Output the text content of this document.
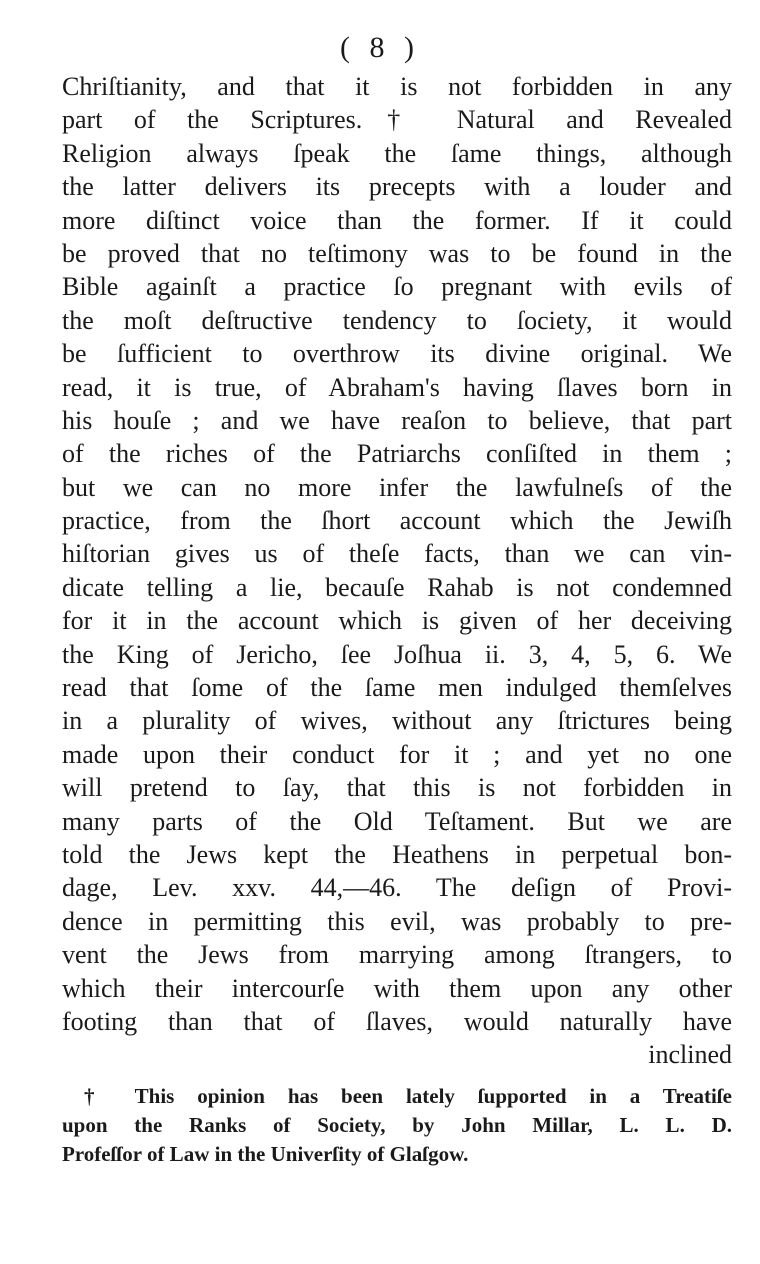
( 8 )
Chriſtianity, and that it is not forbidden in any
part of the Scriptures.† Natural and Revealed
Religion always ſpeak the ſame things, although
the latter delivers its precepts with a louder and
more diſtinct voice than the former. If it could
be proved that no teſtimony was to be found in the
Bible againſt a practice ſo pregnant with evils of
the moſt deſtructive tendency to ſociety, it would
be ſufficient to overthrow its divine original. We
read, it is true, of Abraham's having ſlaves born in
his houſe ; and we have reaſon to believe, that part
of the riches of the Patriarchs conſiſted in them ;
but we can no more infer the lawfulneſs of the
practice, from the ſhort account which the Jewiſh
hiſtorian gives us of theſe facts, than we can vin-
dicate telling a lie, becauſe Rahab is not condemned
for it in the account which is given of her deceiving
the King of Jericho, ſee Joſhua ii. 3, 4, 5, 6. We
read that ſome of the ſame men indulged themſelves
in a plurality of wives, without any ſtrictures being
made upon their conduct for it ; and yet no one
will pretend to ſay, that this is not forbidden in
many parts of the Old Teſtament. But we are
told the Jews kept the Heathens in perpetual bon-
dage, Lev. xxv. 44,—46. The deſign of Provi-
dence in permitting this evil, was probably to pre-
vent the Jews from marrying among ſtrangers, to
which their intercourſe with them upon any other
footing than that of ſlaves, would naturally have
inclined
† This opinion has been lately ſupported in a Treatiſe
upon the Ranks of Society, by John Millar, L. L. D.
Profeſſor of Law in the Univerſity of Glaſgow.
